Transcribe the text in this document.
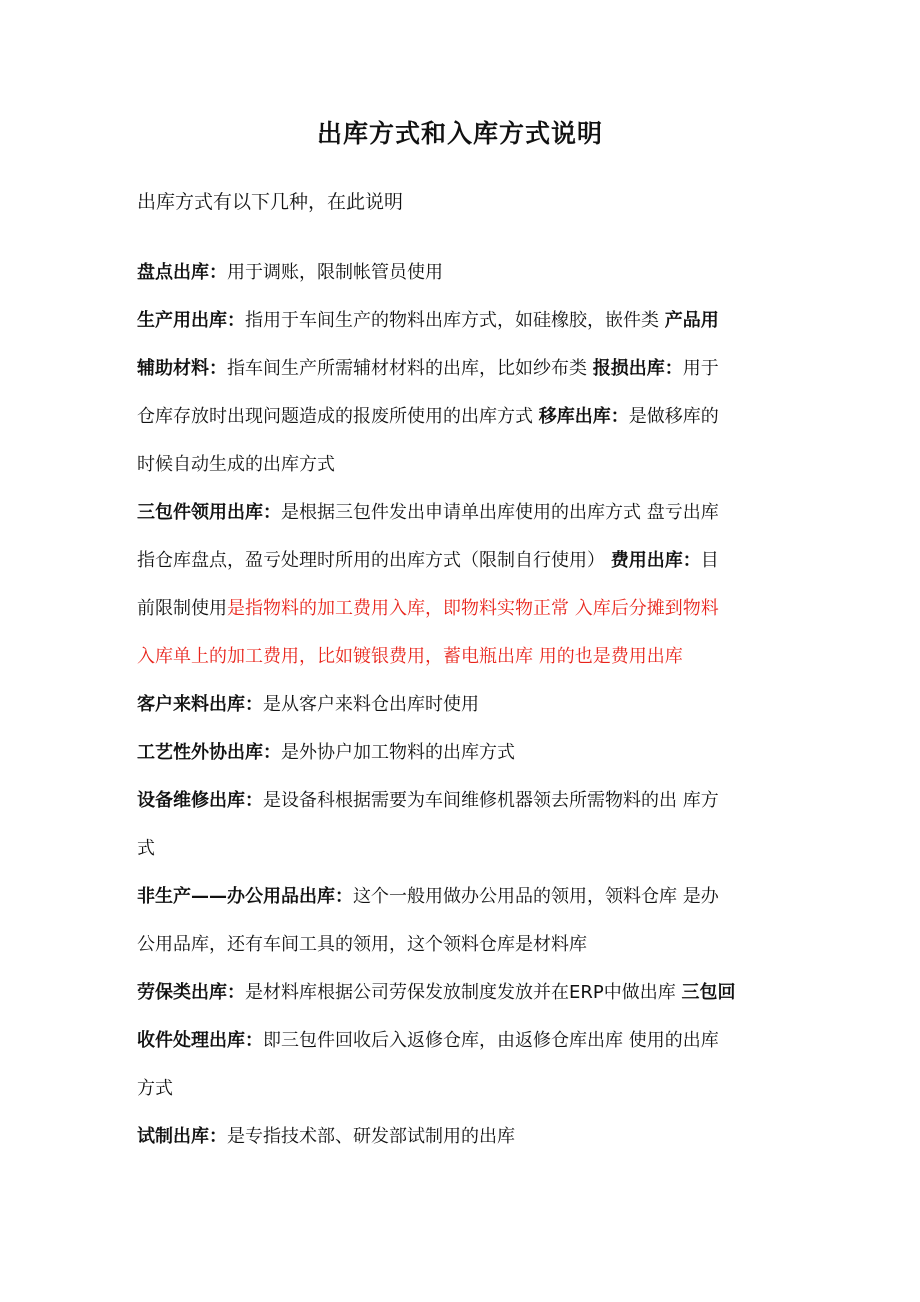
出库方式和入库方式说明
出库方式有以下几种，在此说明
盘点出库：用于调账，限制帐管员使用
生产用出库：指用于车间生产的物料出库方式，如硅橡胶，嵌件类 产品用
辅助材料：指车间生产所需辅材材料的出库，比如纱布类 报损出库：用于
仓库存放时出现问题造成的报废所使用的出库方式 移库出库：是做移库的
时候自动生成的出库方式
三包件领用出库：是根据三包件发出申请单出库使用的出库方式 盘亏出库
指仓库盘点，盈亏处理时所用的出库方式（限制自行使用） 费用出库：目
前限制使用是指物料的加工费用入库，即物料实物正常 入库后分摊到物料
入库单上的加工费用，比如镀银费用，蓄电瓶出库 用的也是费用出库
客户来料出库：是从客户来料仓出库时使用
工艺性外协出库：是外协户加工物料的出库方式
设备维修出库：是设备科根据需要为车间维修机器领去所需物料的出 库方
式
非生产——办公用品出库：这个一般用做办公用品的领用，领料仓库 是办
公用品库，还有车间工具的领用，这个领料仓库是材料库
劳保类出库：是材料库根据公司劳保发放制度发放并在ERP中做出库 三包回
收件处理出库：即三包件回收后入返修仓库，由返修仓库出库 使用的出库
方式
试制出库：是专指技术部、研发部试制用的出库
